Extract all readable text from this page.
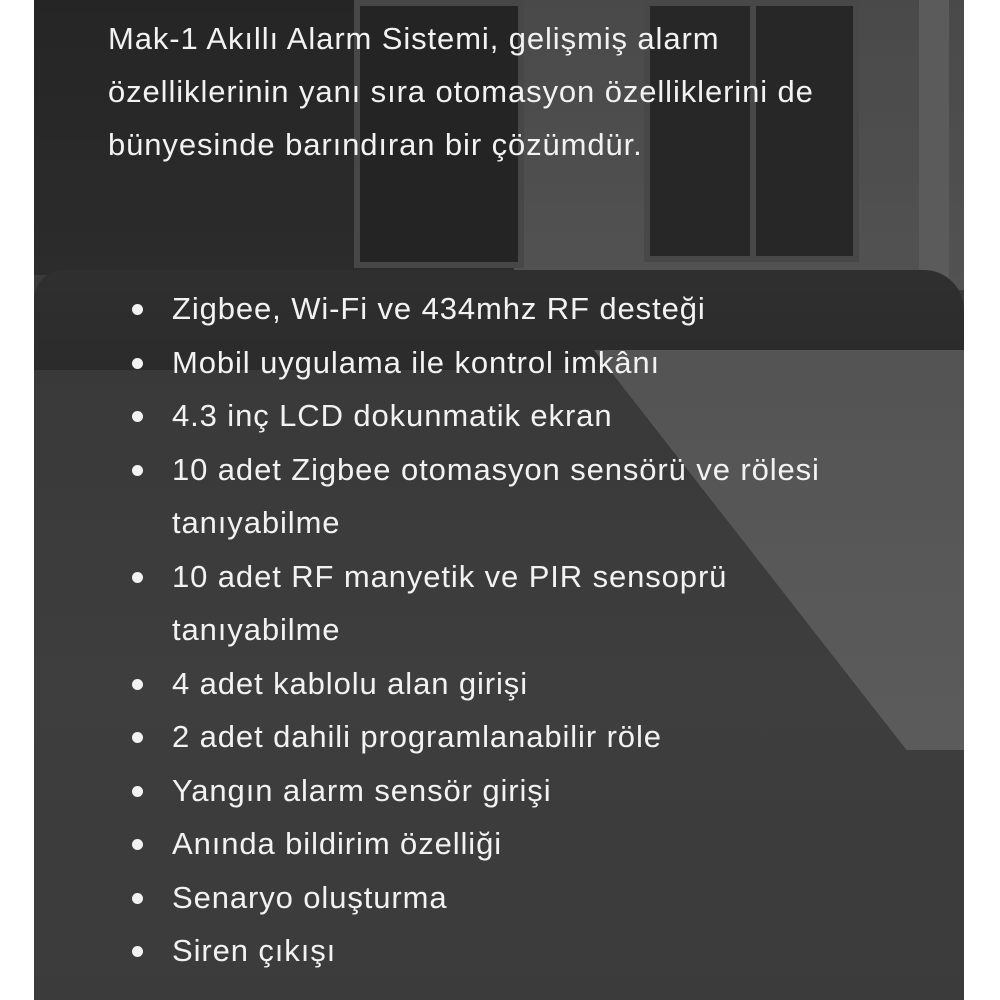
Mak-1 Akıllı Alarm Sistemi, gelişmiş alarm özelliklerinin yanı sıra otomasyon özelliklerini de bünyesinde barındıran bir çözümdür.

Zigbee, Wi-Fi ve 434mhz RF desteği
Mobil uygulama ile kontrol imkânı
4.3 inç LCD dokunmatik ekran
10 adet Zigbee otomasyon sensörü ve rölesi tanıyabilme
10 adet RF manyetik ve PIR sensoprü tanıyabilme
4 adet kablolu alan girişi
2 adet dahili programlanabilir röle
Yangın alarm sensör girişi
Anında bildirim özelliği
Senaryo oluşturma
Siren çıkışı
